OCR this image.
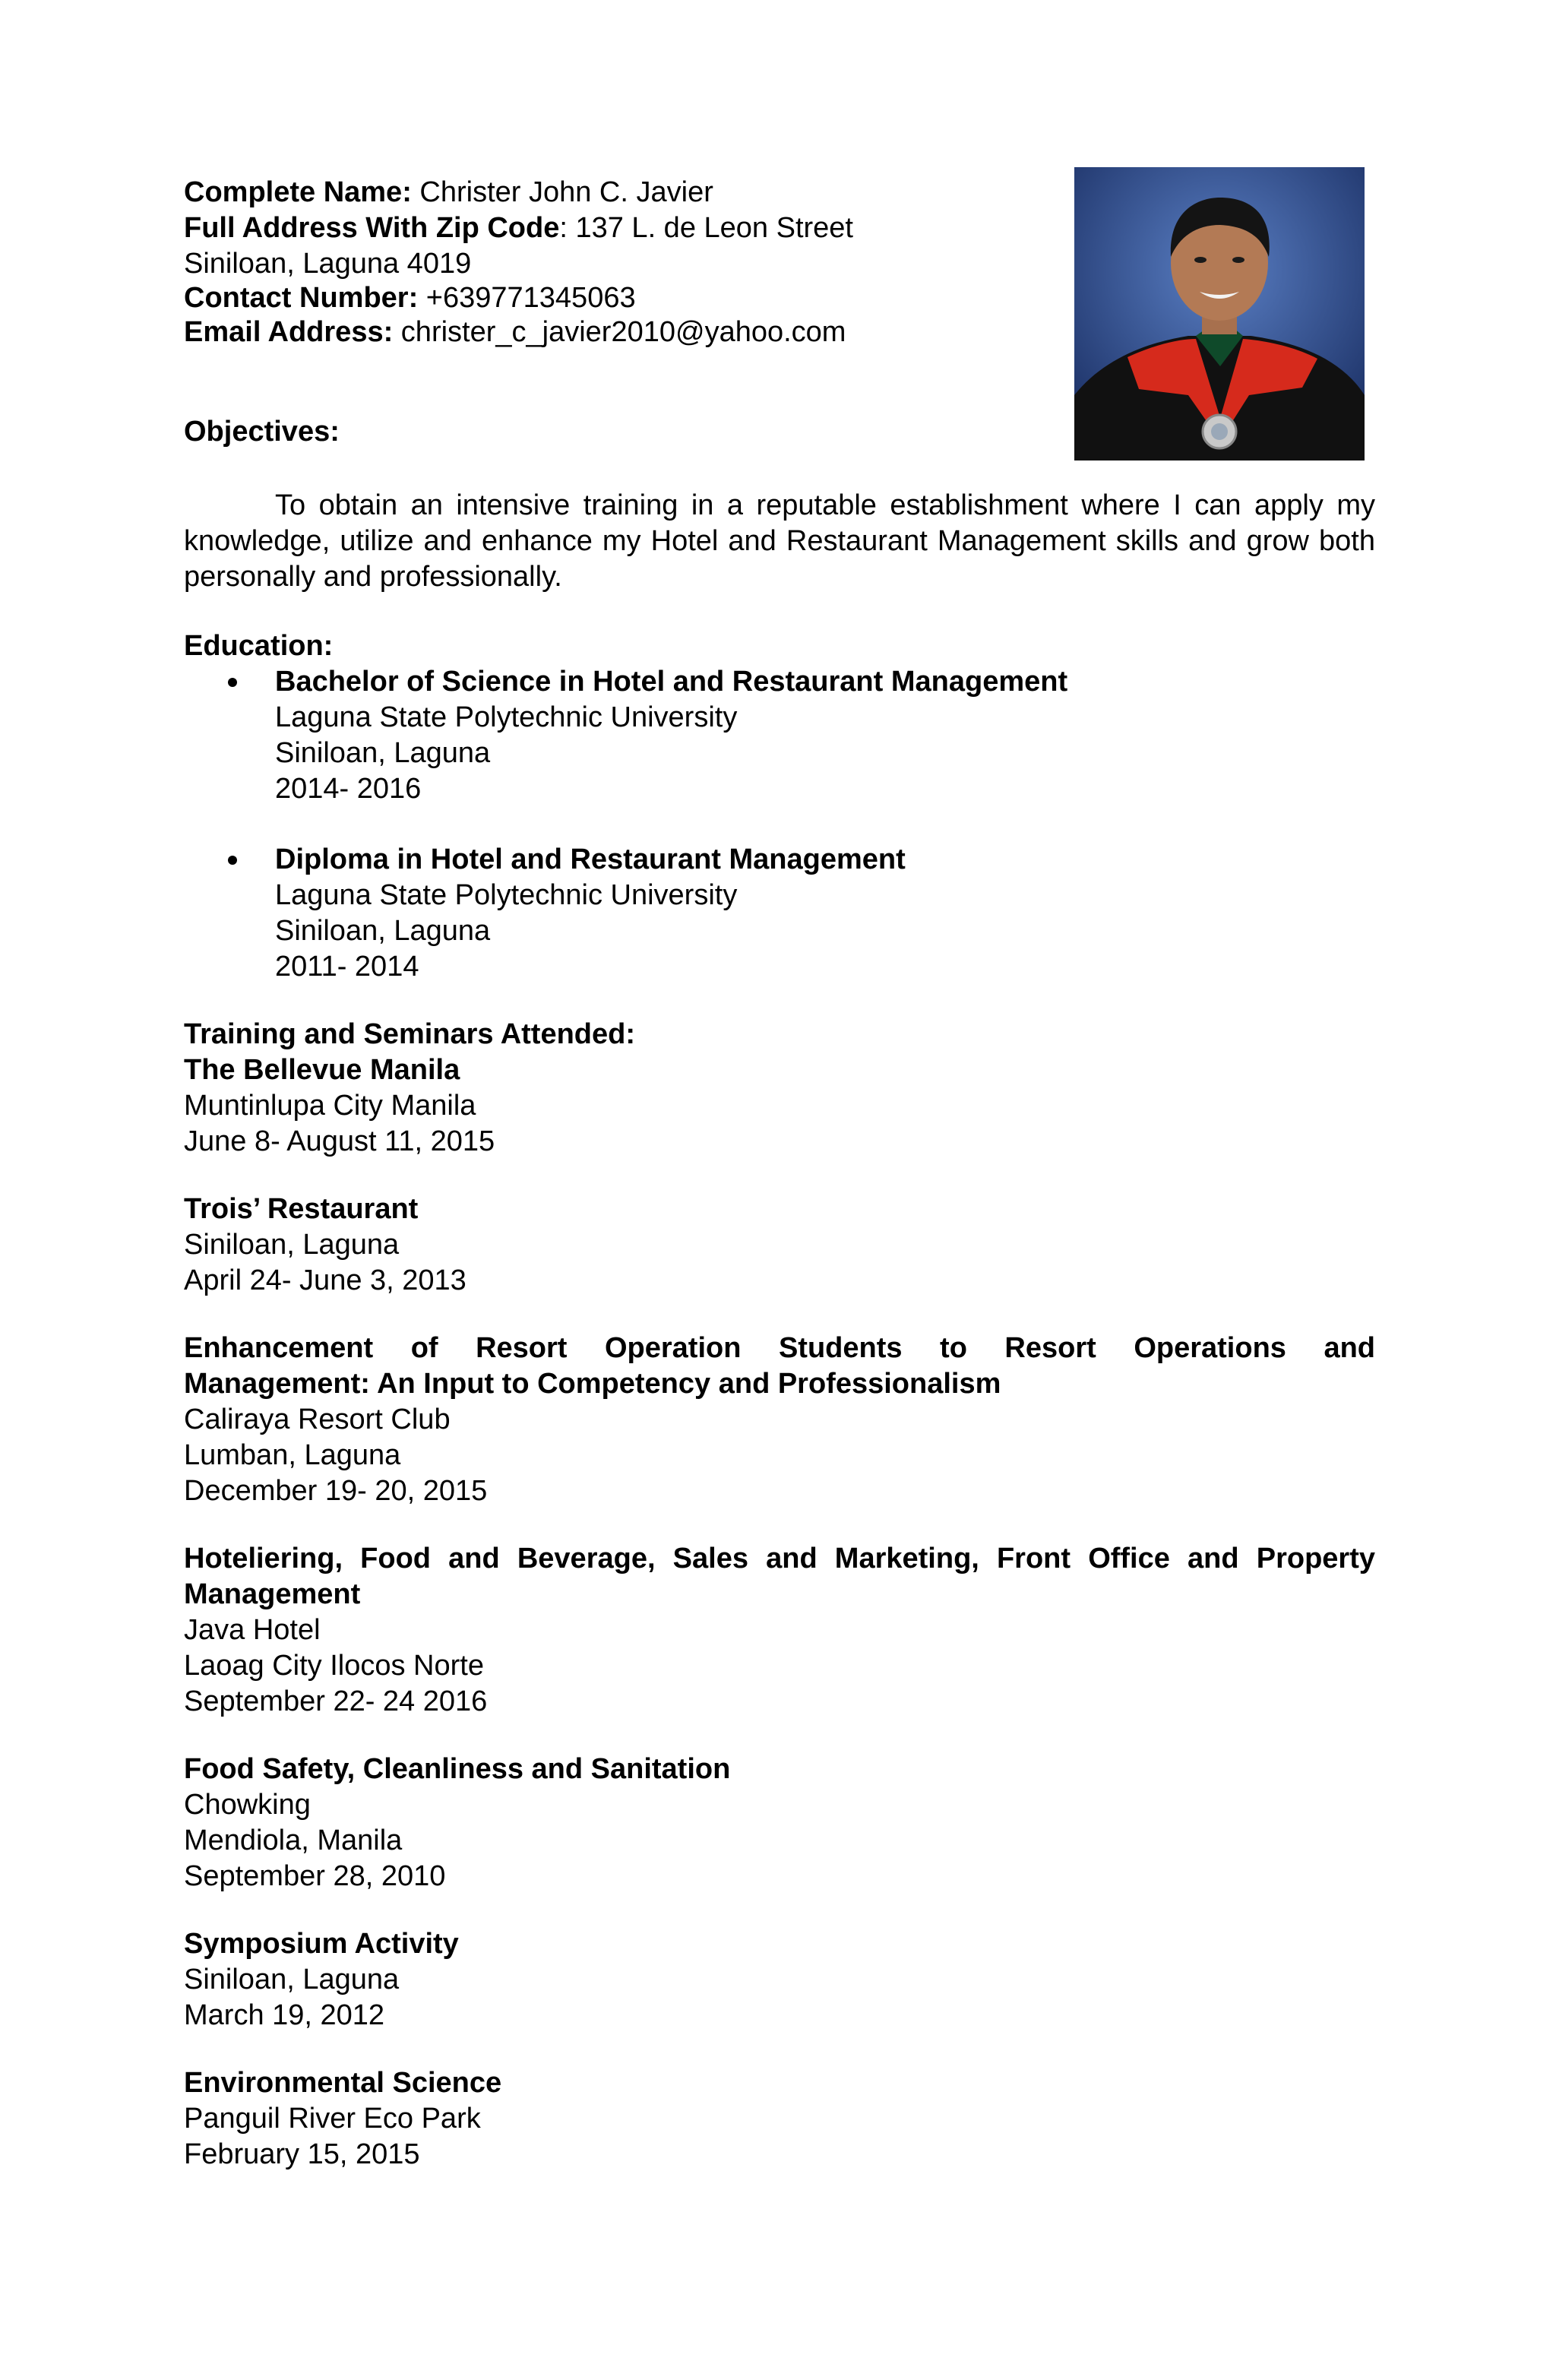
Complete Name: Christer John C. Javier
Full Address With Zip Code: 137 L. de Leon Street
Siniloan, Laguna 4019
Contact Number: +639771345063
Email Address: christer_c_javier2010@yahoo.com
Objectives:
To obtain an intensive training in a reputable establishment where I can apply my knowledge, utilize and enhance my Hotel and Restaurant Management skills and grow both personally and professionally.
Education:
Bachelor of Science in Hotel and Restaurant Management
Laguna State Polytechnic University
Siniloan, Laguna
2014- 2016
Diploma in Hotel and Restaurant Management
Laguna State Polytechnic University
Siniloan, Laguna
2011- 2014
Training and Seminars Attended:
The Bellevue Manila
Muntinlupa City Manila
June 8- August 11, 2015
Trois’ Restaurant
Siniloan, Laguna
April 24- June 3, 2013
Enhancement of Resort Operation Students to Resort Operations and
Management: An Input to Competency and Professionalism
Caliraya Resort Club
Lumban, Laguna
December 19- 20, 2015
Hoteliering, Food and Beverage, Sales and Marketing, Front Office and Property
Management
Java Hotel
Laoag City Ilocos Norte
September 22- 24 2016
Food Safety, Cleanliness and Sanitation
Chowking
Mendiola, Manila
September 28, 2010
Symposium Activity
Siniloan, Laguna
March 19, 2012
Environmental Science
Panguil River Eco Park
February 15, 2015
